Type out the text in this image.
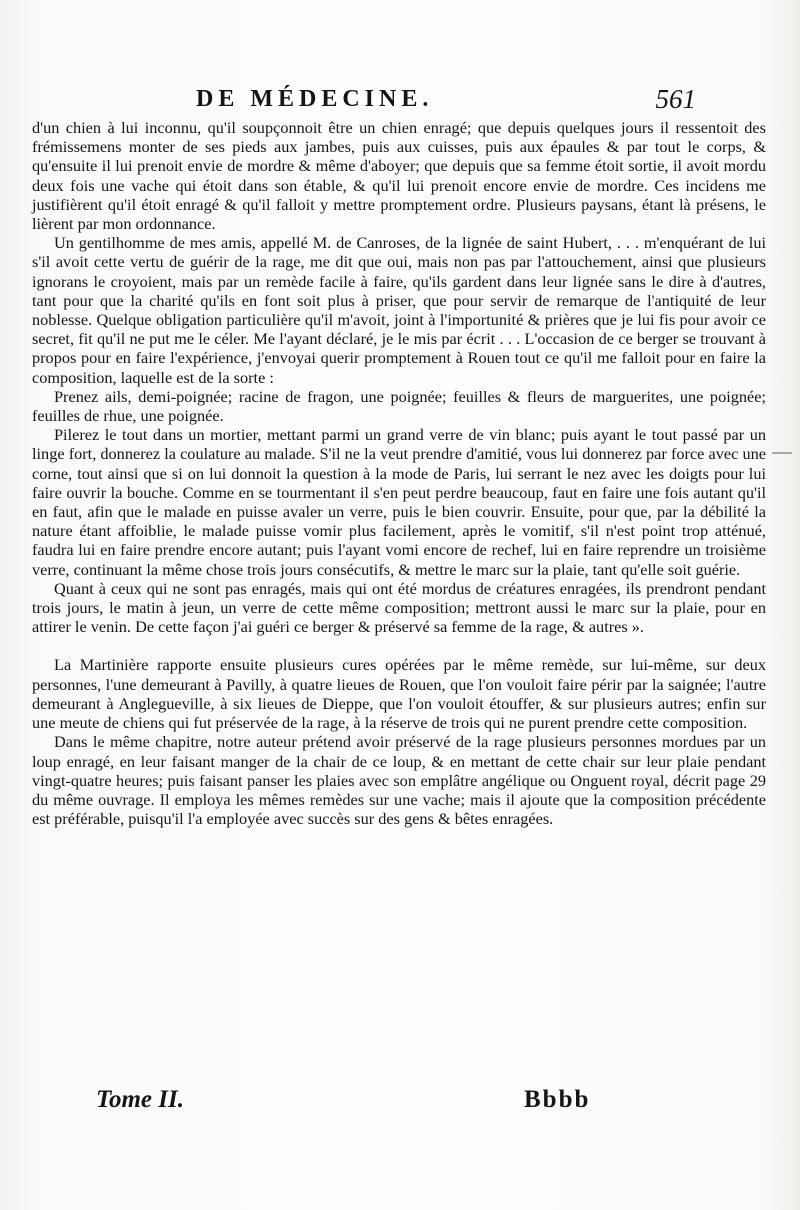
DE MÉDECINE.	561

d'un chien à lui inconnu, qu'il soupçonnoit être un chien enragé; que depuis quelques jours il ressentoit des frémissemens monter de ses pieds aux jambes, puis aux cuisses, puis aux épaules & par tout le corps, & qu'ensuite il lui prenoit envie de mordre & même d'aboyer; que depuis que sa femme étoit sortie, il avoit mordu deux fois une vache qui étoit dans son étable, & qu'il lui prenoit encore envie de mordre. Ces incidens me justifièrent qu'il étoit enragé & qu'il falloit y mettre promptement ordre. Plusieurs paysans, étant là présens, le lièrent par mon ordonnance.

Un gentilhomme de mes amis, appellé M. de Canroses, de la lignée de saint Hubert, . . . m'enquérant de lui s'il avoit cette vertu de guérir de la rage, me dit que oui, mais non pas par l'attouchement, ainsi que plusieurs ignorans le croyoient, mais par un remède facile à faire, qu'ils gardent dans leur lignée sans le dire à d'autres, tant pour que la charité qu'ils en font soit plus à priser, que pour servir de remarque de l'antiquité de leur noblesse. Quelque obligation particulière qu'il m'avoit, joint à l'importunité & prières que je lui fis pour avoir ce secret, fit qu'il ne put me le céler. Me l'ayant déclaré, je le mis par écrit . . . L'occasion de ce berger se trouvant à propos pour en faire l'expérience, j'envoyai querir promptement à Rouen tout ce qu'il me falloit pour en faire la composition, laquelle est de la sorte :

Prenez ails, demi-poignée; racine de fragon, une poignée; feuilles & fleurs de marguerites, une poignée; feuilles de rhue, une poignée.

Pilerez le tout dans un mortier, mettant parmi un grand verre de vin blanc; puis ayant le tout passé par un linge fort, donnerez la coulature au malade. S'il ne la veut prendre d'amitié, vous lui donnerez par force avec une corne, tout ainsi que si on lui donnoit la question à la mode de Paris, lui serrant le nez avec les doigts pour lui faire ouvrir la bouche. Comme en se tourmentant il s'en peut perdre beaucoup, faut en faire une fois autant qu'il en faut, afin que le malade en puisse avaler un verre, puis le bien couvrir. Ensuite, pour que, par la débilité la nature étant affoiblie, le malade puisse vomir plus facilement, après le vomitif, s'il n'est point trop atténué, faudra lui en faire prendre encore autant; puis l'ayant vomi encore de rechef, lui en faire reprendre un troisième verre, continuant la même chose trois jours consécutifs, & mettre le marc sur la plaie, tant qu'elle soit guérie.

Quant à ceux qui ne sont pas enragés, mais qui ont été mordus de créatures enragées, ils prendront pendant trois jours, le matin à jeun, un verre de cette même composition; mettront aussi le marc sur la plaie, pour en attirer le venin. De cette façon j'ai guéri ce berger & préservé sa femme de la rage, & autres ».

La Martinière rapporte ensuite plusieurs cures opérées par le même remède, sur lui-même, sur deux personnes, l'une demeurant à Pavilly, à quatre lieues de Rouen, que l'on vouloit faire périr par la saignée; l'autre demeurant à Anglegueville, à six lieues de Dieppe, que l'on vouloit étouffer, & sur plusieurs autres; enfin sur une meute de chiens qui fut préservée de la rage, à la réserve de trois qui ne purent prendre cette composition.

Dans le même chapitre, notre auteur prétend avoir préservé de la rage plusieurs personnes mordues par un loup enragé, en leur faisant manger de la chair de ce loup, & en mettant de cette chair sur leur plaie pendant vingt-quatre heures; puis faisant panser les plaies avec son emplâtre angélique ou Onguent royal, décrit page 29 du même ouvrage. Il employa les mêmes remèdes sur une vache; mais il ajoute que la composition précédente est préférable, puisqu'il l'a employée avec succès sur des gens & bêtes enragées.

Tome II.	Bbbb
